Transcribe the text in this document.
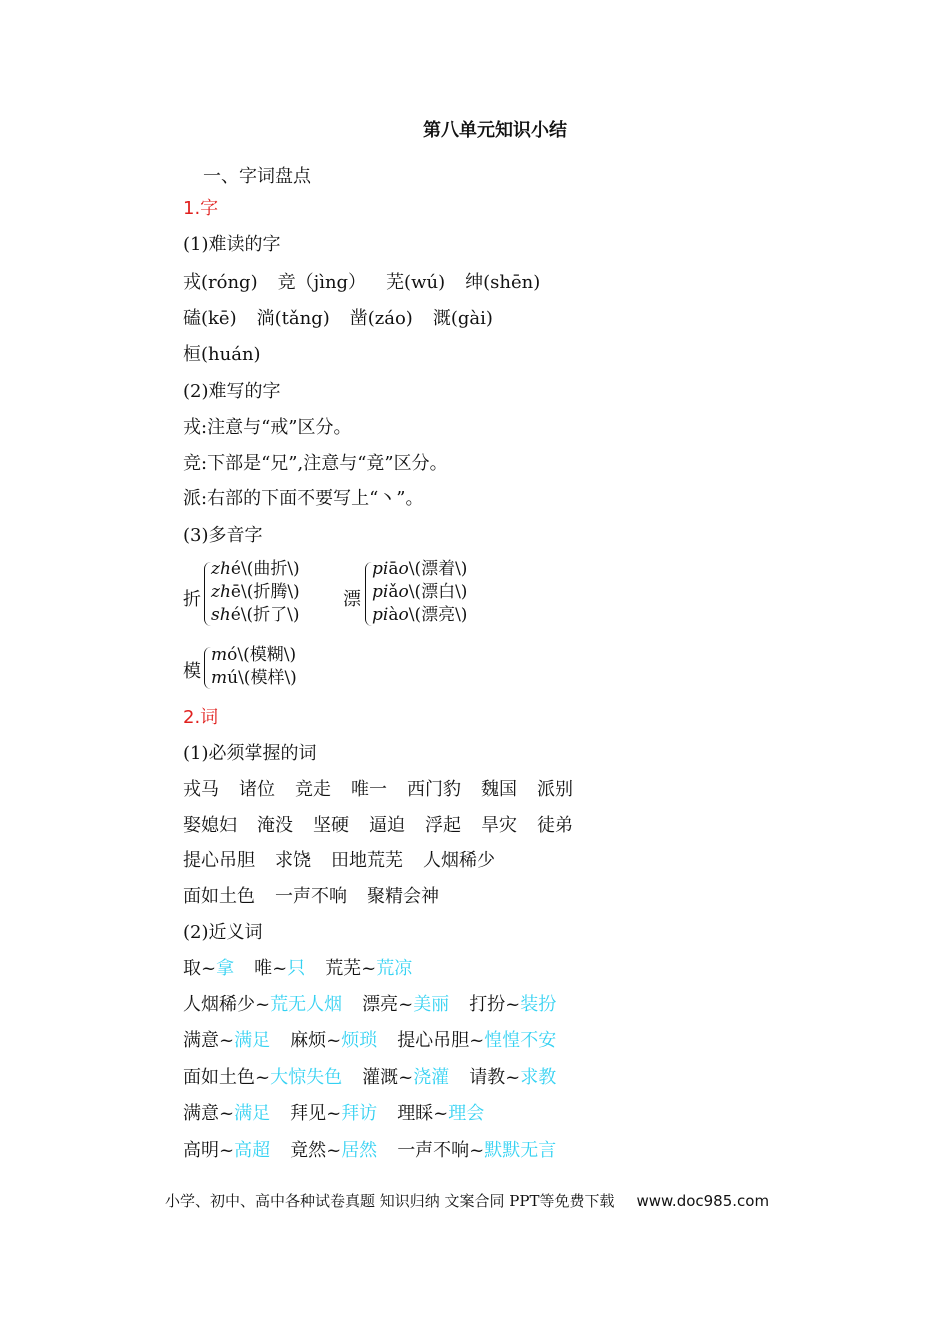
第八单元知识小结
一、字词盘点
1.字
(1)难读的字
戎(róng) 竞（jìng） 芜(wú) 绅(shēn)
磕(kē) 淌(tǎng) 凿(záo) 溉(gài)
桓(huán)
(2)难写的字
戎:注意与“戒”区分。
竞:下部是“兄”,注意与“竟”区分。
派:右部的下面不要写上“丶”。
(3)多音字
折
zhé\(曲折\)
zhē\(折腾\)
shé\(折了\)
漂
piāo\(漂着\)
piǎo\(漂白\)
piào\(漂亮\)
模
mó\(模糊\)
mú\(模样\)
2.词
(1)必须掌握的词
戎马 诸位 竞走 唯一 西门豹 魏国 派别
娶媳妇 淹没 坚硬 逼迫 浮起 旱灾 徒弟
提心吊胆 求饶 田地荒芜 人烟稀少
面如土色 一声不响 聚精会神
(2)近义词
取~拿 唯~只 荒芜~荒凉
人烟稀少~荒无人烟 漂亮~美丽 打扮~装扮
满意~满足 麻烦~烦琐 提心吊胆~惶惶不安
面如土色~大惊失色 灌溉~浇灌 请教~求教
满意~满足 拜见~拜访 理睬~理会
高明~高超 竟然~居然 一声不响~默默无言
小学、初中、高中各种试卷真题 知识归纳 文案合同 PPT等免费下载 www.doc985.com
